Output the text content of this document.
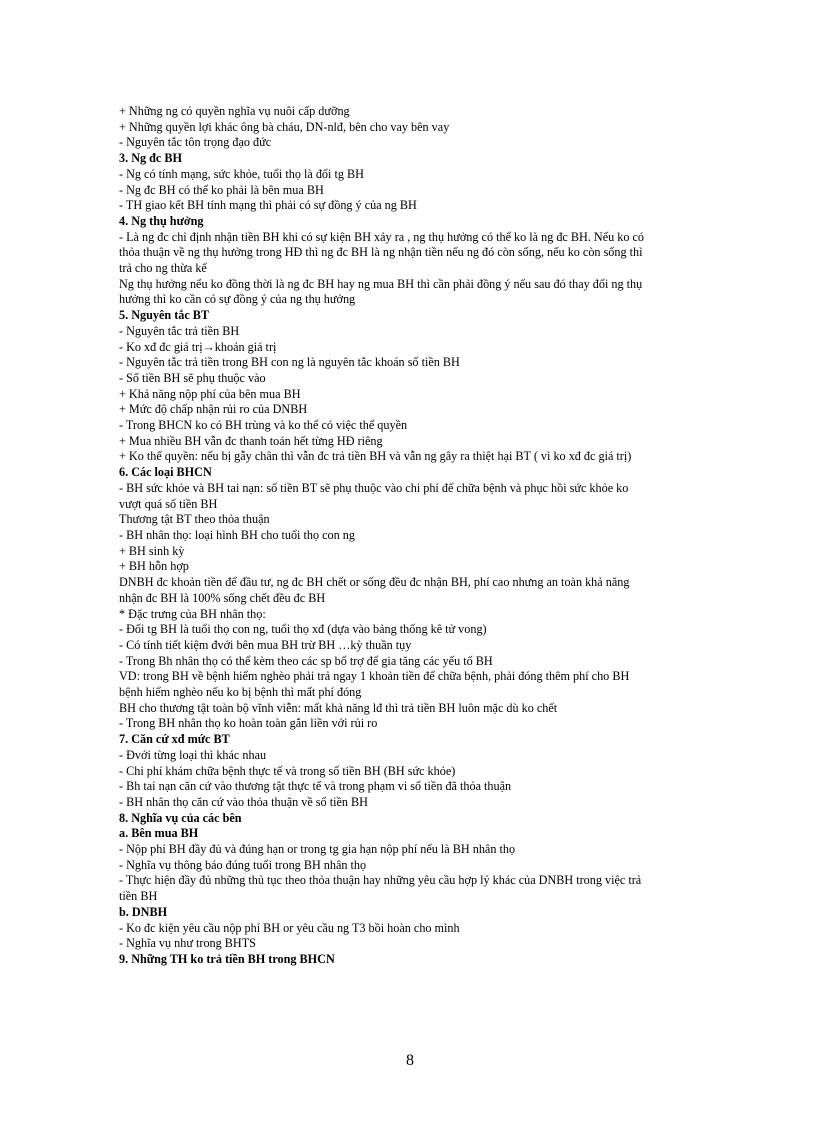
+ Những ng có quyền nghĩa vụ nuôi cấp dưỡng
+ Những quyền lợi khác ông bà cháu, DN-nlđ, bên cho vay bên vay
- Nguyên tắc tôn trọng đạo đức
3. Ng đc BH
- Ng có tính mạng, sức khỏe, tuổi thọ là đối tg BH
- Ng đc BH có thể ko phải là bên mua BH
- TH giao kết BH tính mạng thì phải có sự đồng ý của ng BH
4. Ng thụ hưởng
- Là ng đc chỉ định nhận tiền BH khi có sự kiện BH xảy ra , ng thụ hưởng có thể ko là ng đc BH. Nếu ko có
thỏa thuận về ng thụ hưởng trong HĐ thì ng đc BH là ng nhận tiền nếu ng đó còn sống, nếu ko còn sống thì
trả cho ng thừa kế
Ng thụ hưởng nếu ko đồng thời là ng đc BH hay ng mua BH thì cần phải đồng ý nếu sau đó thay đổi ng thụ
hưởng thì ko cần có sự đồng ý của ng thụ hưởng
5. Nguyên tắc BT
- Nguyên tắc trả tiền BH
- Ko xđ đc giá trị→khoản giá trị
- Nguyên tắc trả tiền trong BH con ng là nguyên tắc khoán số tiền BH
- Số tiền BH sẽ phụ thuộc vào
+ Khả năng nộp phí của bên mua BH
+ Mức độ chấp nhận rủi ro của DNBH
- Trong BHCN ko có BH trùng và ko thể có việc thế quyền
+ Mua nhiều BH vẫn đc thanh toán hết từng HĐ riêng
+ Ko thế quyền: nếu bị gẫy chân thì vẫn đc trả tiền BH và vẫn ng gây ra thiệt hại BT ( vì ko xđ đc giá trị)
6. Các loại BHCN
- BH sức khỏe và BH tai nạn: số tiền BT sẽ phụ thuộc vào chi phí để chữa bệnh và phục hồi sức khỏe ko
vượt quá số tiền BH
Thương tật BT theo thỏa thuận
- BH nhân thọ: loại hình BH cho tuổi thọ con ng
+ BH sinh kỳ
+ BH hỗn hợp
DNBH đc khoản tiền để đầu tư, ng đc BH chết or sống đều đc nhận BH, phí cao nhưng an toàn khả năng
nhận đc BH là 100% sống chết đều đc BH
* Đặc trưng của BH nhân thọ:
- Đối tg BH là tuổi thọ con ng, tuổi thọ xđ (dựa vào bảng thống kê tử vong)
- Có tính tiết kiệm đvới bên mua BH trừ BH …kỳ thuần tụy
- Trong Bh nhân thọ có thể kèm theo các sp bổ trợ để gia tăng các yếu tố BH
VD: trong BH về bệnh hiểm nghèo phải trả ngay 1 khoản tiền để chữa bệnh, phải đóng thêm phí cho BH
bệnh hiểm nghèo nếu ko bị bệnh thì mất phí đóng
BH cho thương tật toàn bộ vĩnh viễn: mất khả năng lđ thì trả tiền BH luôn mặc dù ko chết
- Trong BH nhân thọ ko hoàn toàn gắn liền với rủi ro
7. Căn cứ xđ mức BT
- Đvới từng loại thì khác nhau
- Chi phí khám chữa bệnh thực tế và trong số tiền BH (BH sức khỏe)
- Bh tai nạn căn cứ vào thương tật thực tế và trong phạm vi số tiền đã thỏa thuận
- BH nhân thọ căn cứ vào thỏa thuận về số tiền BH
8. Nghĩa vụ của các bên
a. Bên mua BH
- Nộp phí BH đầy đủ và đúng hạn or trong tg gia hạn nộp phí nếu là BH nhân thọ
- Nghĩa vụ thông báo đúng tuổi trong BH nhân thọ
- Thực hiện đầy đủ những thủ tục theo thỏa thuận hay những yêu cầu hợp lý khác của DNBH trong việc trả
tiền BH
b. DNBH
- Ko đc kiện yêu cầu nộp phí BH or yêu cầu ng T3 bồi hoàn cho mình
- Nghĩa vụ như trong BHTS
9. Những TH ko trả tiền BH trong BHCN
8
